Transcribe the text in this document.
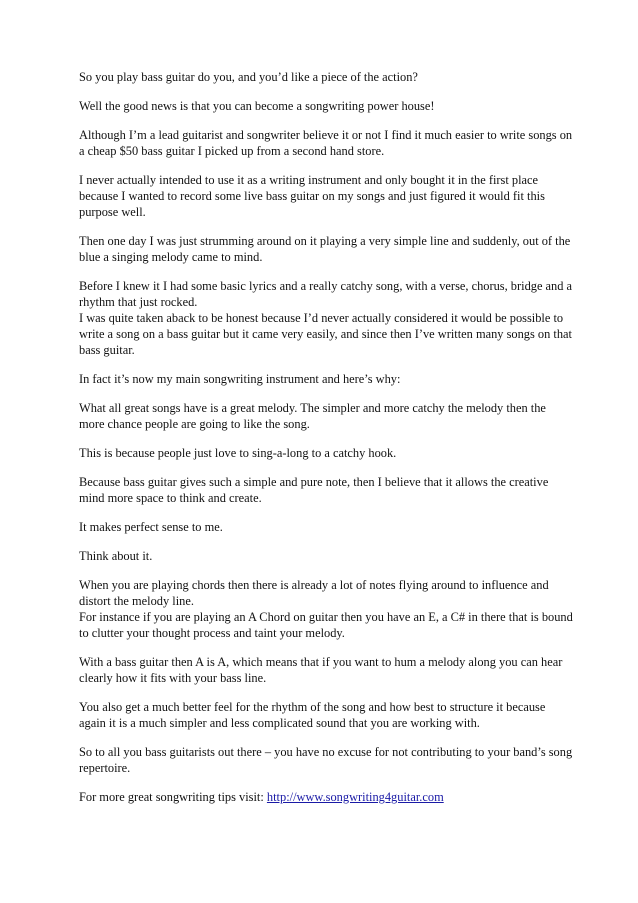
So you play bass guitar do you, and you’d like a piece of the action?

Well the good news is that you can become a songwriting power house!

Although I’m a lead guitarist and songwriter believe it or not I find it much easier to write songs on a cheap $50 bass guitar I picked up from a second hand store.

I never actually intended to use it as a writing instrument and only bought it in the first place because I wanted to record some live bass guitar on my songs and just figured it would fit this purpose well.

Then one day I was just strumming around on it playing a very simple line and suddenly, out of the blue a singing melody came to mind.

Before I knew it I had some basic lyrics and a really catchy song, with a verse, chorus, bridge and a rhythm that just rocked.

I was quite taken aback to be honest because I’d never actually considered it would be possible to write a song on a bass guitar but it came very easily, and since then I’ve written many songs on that bass guitar.

In fact it’s now my main songwriting instrument and here’s why:

What all great songs have is a great melody. The simpler and more catchy the melody then the more chance people are going to like the song.

This is because people just love to sing-a-long to a catchy hook.

Because bass guitar gives such a simple and pure note, then I believe that it allows the creative mind more space to think and create.

It makes perfect sense to me.

Think about it.

When you are playing chords then there is already a lot of notes flying around to influence and distort the melody line.

For instance if you are playing an A Chord on guitar then you have an E, a C# in there that is bound to clutter your thought process and taint your melody.

With a bass guitar then A is A, which means that if you want to hum a melody along you can hear clearly how it fits with your bass line.

You also get a much better feel for the rhythm of the song and how best to structure it because again it is a much simpler and less complicated sound that you are working with.

So to all you bass guitarists out there – you have no excuse for not contributing to your band’s song repertoire.

For more great songwriting tips visit: http://www.songwriting4guitar.com
